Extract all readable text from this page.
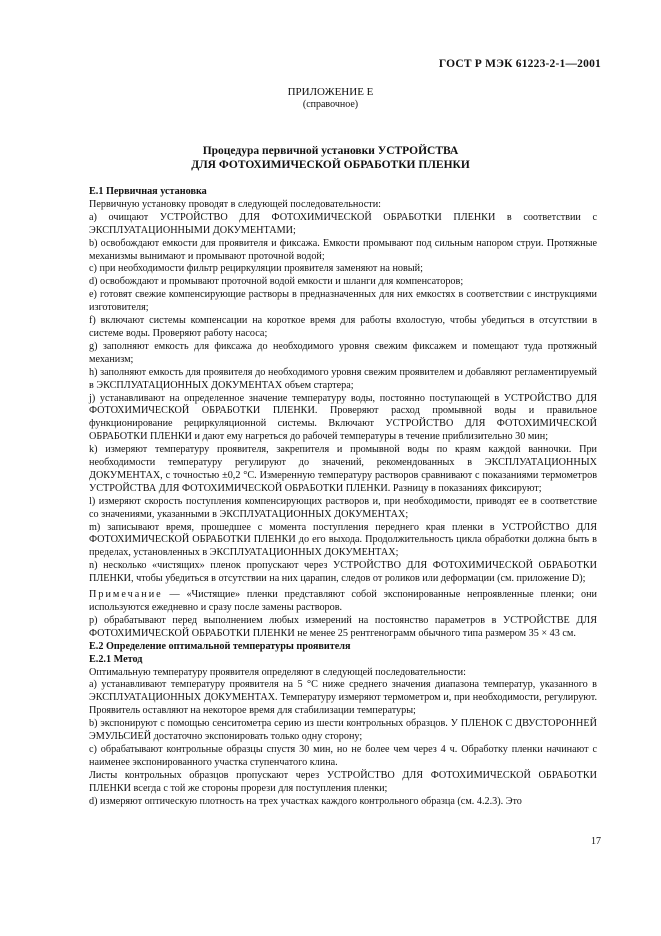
ГОСТ Р МЭК 61223-2-1—2001
ПРИЛОЖЕНИЕ Е
(справочное)
Процедура первичной установки УСТРОЙСТВА
ДЛЯ ФОТОХИМИЧЕСКОЙ ОБРАБОТКИ ПЛЕНКИ

Е.1 Первичная установка

Первичную установку проводят в следующей последовательности:

a) очищают УСТРОЙСТВО ДЛЯ ФОТОХИМИЧЕСКОЙ ОБРАБОТКИ ПЛЕНКИ в соответствии с ЭКСПЛУАТАЦИОННЫМИ ДОКУМЕНТАМИ;

b) освобождают емкости для проявителя и фиксажа. Емкости промывают под сильным напором струи. Протяжные механизмы вынимают и промывают проточной водой;

c) при необходимости фильтр рециркуляции проявителя заменяют на новый;

d) освобождают и промывают проточной водой емкости и шланги для компенсаторов;

e) готовят свежие компенсирующие растворы в предназначенных для них емкостях в соответствии с инструкциями изготовителя;

f) включают системы компенсации на короткое время для работы вхолостую, чтобы убедиться в отсутствии в системе воды. Проверяют работу насоса;

g) заполняют емкость для фиксажа до необходимого уровня свежим фиксажем и помещают туда протяжный механизм;

h) заполняют емкость для проявителя до необходимого уровня свежим проявителем и добавляют регламентируемый в ЭКСПЛУАТАЦИОННЫХ ДОКУМЕНТАХ объем стартера;

j) устанавливают на определенное значение температуру воды, постоянно поступающей в УСТРОЙСТВО ДЛЯ ФОТОХИМИЧЕСКОЙ ОБРАБОТКИ ПЛЕНКИ. Проверяют расход промывной воды и правильное функционирование рециркуляционной системы. Включают УСТРОЙСТВО ДЛЯ ФОТОХИМИЧЕСКОЙ ОБРАБОТКИ ПЛЕНКИ и дают ему нагреться до рабочей температуры в течение приблизительно 30 мин;

k) измеряют температуру проявителя, закрепителя и промывной воды по краям каждой ванночки. При необходимости температуру регулируют до значений, рекомендованных в ЭКСПЛУАТАЦИОННЫХ ДОКУМЕНТАХ, с точностью ±0,2 °С. Измеренную температуру растворов сравнивают с показаниями термометров УСТРОЙСТВА ДЛЯ ФОТОХИМИЧЕСКОЙ ОБРАБОТКИ ПЛЕНКИ. Разницу в показаниях фиксируют;

l) измеряют скорость поступления компенсирующих растворов и, при необходимости, приводят ее в соответствие со значениями, указанными в ЭКСПЛУАТАЦИОННЫХ ДОКУМЕНТАХ;

m) записывают время, прошедшее с момента поступления переднего края пленки в УСТРОЙСТВО ДЛЯ ФОТОХИМИЧЕСКОЙ ОБРАБОТКИ ПЛЕНКИ до его выхода. Продолжительность цикла обработки должна быть в пределах, установленных в ЭКСПЛУАТАЦИОННЫХ ДОКУМЕНТАХ;

n) несколько «чистящих» пленок пропускают через УСТРОЙСТВО ДЛЯ ФОТОХИМИЧЕСКОЙ ОБРАБОТКИ ПЛЕНКИ, чтобы убедиться в отсутствии на них царапин, следов от роликов или деформации (см. приложение D);

Примечание — «Чистящие» пленки представляют собой экспонированные непроявленные пленки; они используются ежедневно и сразу после замены растворов.

p) обрабатывают перед выполнением любых измерений на постоянство параметров в УСТРОЙСТВЕ ДЛЯ ФОТОХИМИЧЕСКОЙ ОБРАБОТКИ ПЛЕНКИ не менее 25 рентгенограмм обычного типа размером 35 × 43 см.

Е.2 Определение оптимальной температуры проявителя

Е.2.1 Метод

Оптимальную температуру проявителя определяют в следующей последовательности:

a) устанавливают температуру проявителя на 5 °С ниже среднего значения диапазона температур, указанного в ЭКСПЛУАТАЦИОННЫХ ДОКУМЕНТАХ. Температуру измеряют термометром и, при необходимости, регулируют. Проявитель оставляют на некоторое время для стабилизации температуры;

b) экспонируют с помощью сенситометра серию из шести контрольных образцов. У ПЛЕНОК С ДВУСТОРОННЕЙ ЭМУЛЬСИЕЙ достаточно экспонировать только одну сторону;

c) обрабатывают контрольные образцы спустя 30 мин, но не более чем через 4 ч. Обработку пленки начинают с наименее экспонированного участка ступенчатого клина.

Листы контрольных образцов пропускают через УСТРОЙСТВО ДЛЯ ФОТОХИМИЧЕСКОЙ ОБРАБОТКИ ПЛЕНКИ всегда с той же стороны прорези для поступления пленки;

d) измеряют оптическую плотность на трех участках каждого контрольного образца (см. 4.2.3). Это

17
